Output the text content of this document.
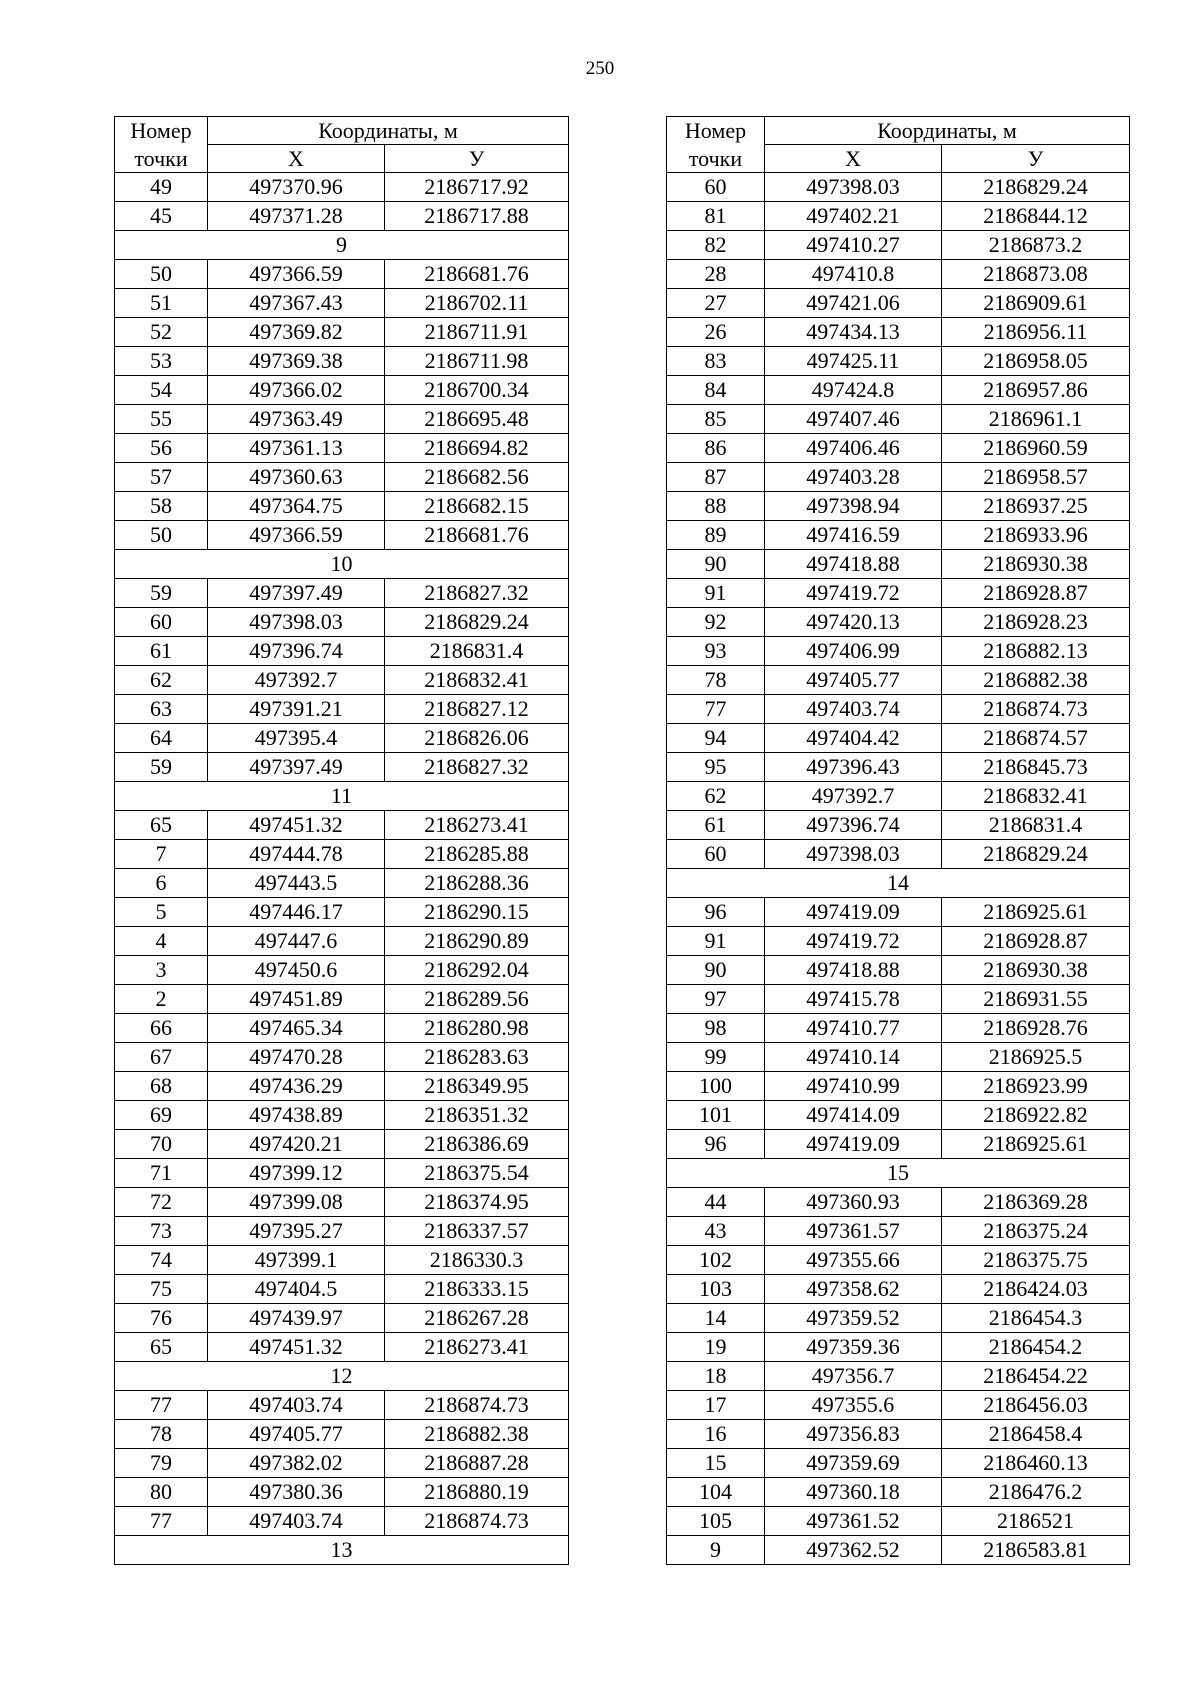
250
Номер	Координаты, м	
точки	X	У
49	497370.96	2186717.92
45	497371.28	2186717.88
9		
50	497366.59	2186681.76
51	497367.43	2186702.11
52	497369.82	2186711.91
53	497369.38	2186711.98
54	497366.02	2186700.34
55	497363.49	2186695.48
56	497361.13	2186694.82
57	497360.63	2186682.56
58	497364.75	2186682.15
50	497366.59	2186681.76
10		
59	497397.49	2186827.32
60	497398.03	2186829.24
61	497396.74	2186831.4
62	497392.7	2186832.41
63	497391.21	2186827.12
64	497395.4	2186826.06
59	497397.49	2186827.32
11		
65	497451.32	2186273.41
7	497444.78	2186285.88
6	497443.5	2186288.36
5	497446.17	2186290.15
4	497447.6	2186290.89
3	497450.6	2186292.04
2	497451.89	2186289.56
66	497465.34	2186280.98
67	497470.28	2186283.63
68	497436.29	2186349.95
69	497438.89	2186351.32
70	497420.21	2186386.69
71	497399.12	2186375.54
72	497399.08	2186374.95
73	497395.27	2186337.57
74	497399.1	2186330.3
75	497404.5	2186333.15
76	497439.97	2186267.28
65	497451.32	2186273.41
12		
77	497403.74	2186874.73
78	497405.77	2186882.38
79	497382.02	2186887.28
80	497380.36	2186880.19
77	497403.74	2186874.73
13		
Номер	Координаты, м	
точки	X	У
60	497398.03	2186829.24
81	497402.21	2186844.12
82	497410.27	2186873.2
28	497410.8	2186873.08
27	497421.06	2186909.61
26	497434.13	2186956.11
83	497425.11	2186958.05
84	497424.8	2186957.86
85	497407.46	2186961.1
86	497406.46	2186960.59
87	497403.28	2186958.57
88	497398.94	2186937.25
89	497416.59	2186933.96
90	497418.88	2186930.38
91	497419.72	2186928.87
92	497420.13	2186928.23
93	497406.99	2186882.13
78	497405.77	2186882.38
77	497403.74	2186874.73
94	497404.42	2186874.57
95	497396.43	2186845.73
62	497392.7	2186832.41
61	497396.74	2186831.4
60	497398.03	2186829.24
14		
96	497419.09	2186925.61
91	497419.72	2186928.87
90	497418.88	2186930.38
97	497415.78	2186931.55
98	497410.77	2186928.76
99	497410.14	2186925.5
100	497410.99	2186923.99
101	497414.09	2186922.82
96	497419.09	2186925.61
15		
44	497360.93	2186369.28
43	497361.57	2186375.24
102	497355.66	2186375.75
103	497358.62	2186424.03
14	497359.52	2186454.3
19	497359.36	2186454.2
18	497356.7	2186454.22
17	497355.6	2186456.03
16	497356.83	2186458.4
15	497359.69	2186460.13
104	497360.18	2186476.2
105	497361.52	2186521
9	497362.52	2186583.81
